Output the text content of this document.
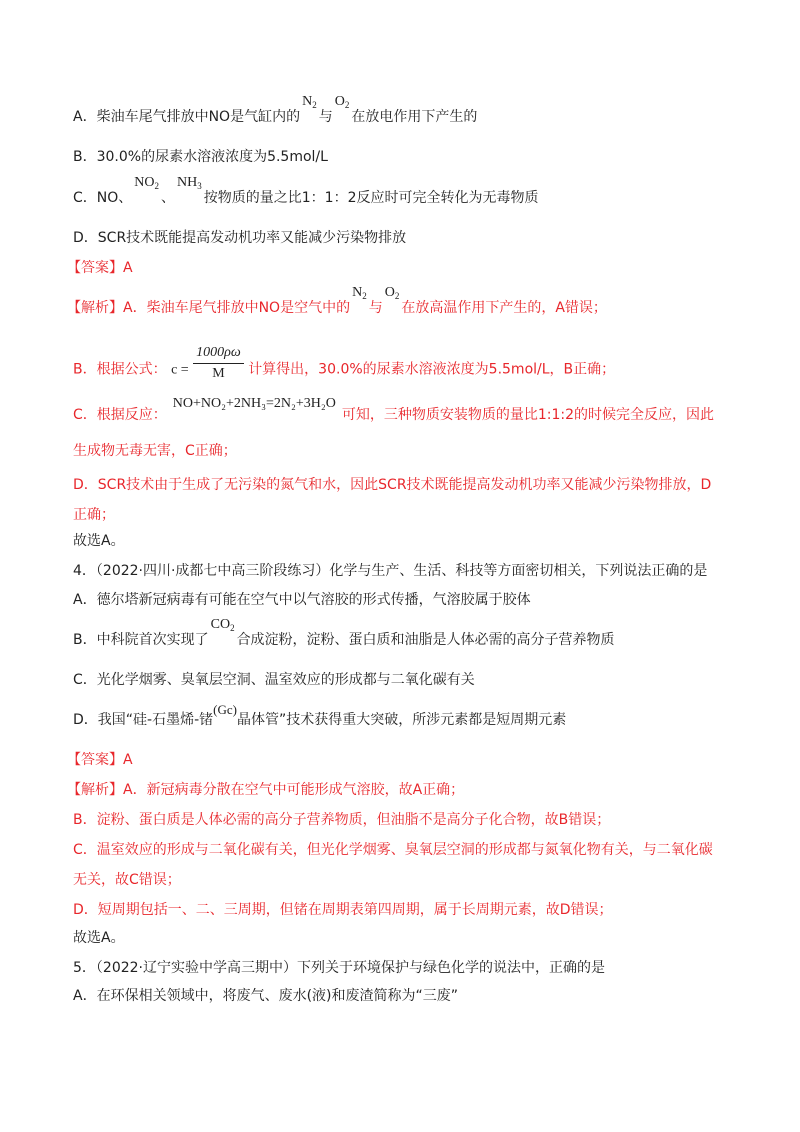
A．柴油车尾气排放中NO是气缸内的$N_2$与$O_2$在放电作用下产生的
B．30.0%的尿素水溶液浓度为5.5mol/L
C．NO、$NO_2$、$NH_3$按物质的量之比1：1：2反应时可完全转化为无毒物质
D．SCR技术既能提高发动机功率又能减少污染物排放
【答案】A
【解析】A．柴油车尾气排放中NO是空气中的$N_2$与$O_2$在放高温作用下产生的，A错误；
B．根据公式： $c = \frac{1000\rho\omega}{M}$ 计算得出，30.0%的尿素水溶液浓度为5.5mol/L，B正确；
C．根据反应：NO+NO₂+2NH₃=2N₂+3H₂O可知，三种物质安装物质的量比1:1:2的时候完全反应，因此
生成物无毒无害，C正确；
D．SCR技术由于生成了无污染的氮气和水，因此SCR技术既能提高发动机功率又能减少污染物排放，D
正确；
故选A。
4．（2022·四川·成都七中高三阶段练习）化学与生产、生活、科技等方面密切相关，下列说法正确的是
A．德尔塔新冠病毒有可能在空气中以气溶胶的形式传播，气溶胶属于胶体
B．中科院首次实现了$CO_2$合成淀粉，淀粉、蛋白质和油脂是人体必需的高分子营养物质
C．光化学烟雾、臭氧层空洞、温室效应的形成都与二氧化碳有关
D．我国“硅-石墨烯-锗(Gc)晶体管”技术获得重大突破，所涉元素都是短周期元素
【答案】A
【解析】A．新冠病毒分散在空气中可能形成气溶胶，故A正确；
B．淀粉、蛋白质是人体必需的高分子营养物质，但油脂不是高分子化合物，故B错误；
C．温室效应的形成与二氧化碳有关，但光化学烟雾、臭氧层空洞的形成都与氮氧化物有关，与二氧化碳
无关，故C错误；
D．短周期包括一、二、三周期，但锗在周期表第四周期，属于长周期元素，故D错误；
故选A。
5．（2022·辽宁实验中学高三期中）下列关于环境保护与绿色化学的说法中，正确的是
A．在环保相关领域中，将废气、废水(液)和废渣简称为“三废”
